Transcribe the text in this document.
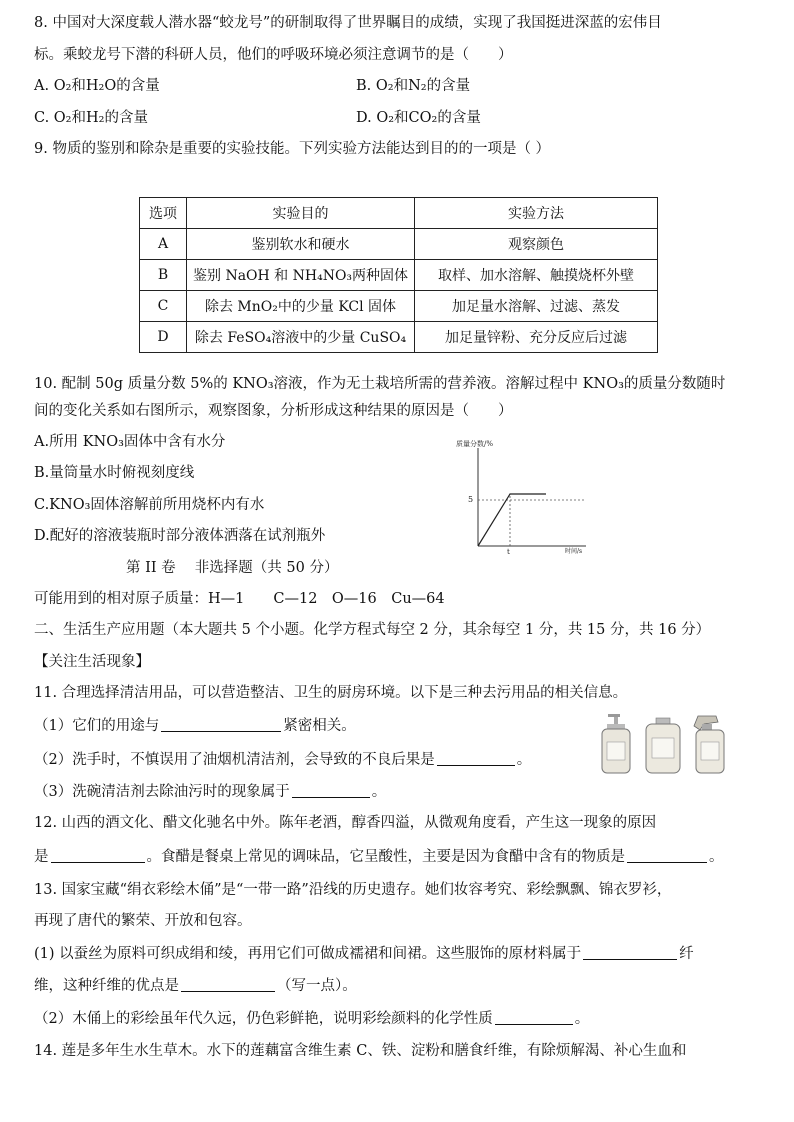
8. 中国对大深度载人潜水器“蛟龙号”的研制取得了世界瞩目的成绩，实现了我国挺进深蓝的宏伟目
标。乘蛟龙号下潜的科研人员，他们的呼吸环境必须注意调节的是（　　）
A. O₂和H₂O的含量	B. O₂和N₂的含量
C. O₂和H₂的含量	D. O₂和CO₂的含量
9. 物质的鉴别和除杂是重要的实验技能。下列实验方法能达到目的的一项是（ ）
选项	实验目的	实验方法
A	鉴别软水和硬水	观察颜色
B	鉴别 NaOH 和 NH₄NO₃两种固体	取样、加水溶解、触摸烧杯外壁
C	除去 MnO₂中的少量 KCl 固体	加足量水溶解、过滤、蒸发
D	除去 FeSO₄溶液中的少量 CuSO₄	加足量锌粉、充分反应后过滤
10. 配制 50g 质量分数 5%的 KNO₃溶液，作为无土栽培所需的营养液。溶解过程中 KNO₃的质量分数随时
间的变化关系如右图所示，观察图象，分析形成这种结果的原因是（　　）
A.所用 KNO₃固体中含有水分
B.量筒量水时俯视刻度线
C.KNO₃固体溶解前所用烧杯内有水
D.配好的溶液装瓶时部分液体洒落在试剂瓶外
质量分数/%
5
t	时间/s
第 II 卷　 非选择题（共 50 分）
可能用到的相对原子质量：H—1　　C—12　O—16　Cu—64
二、生活生产应用题（本大题共 5 个小题。化学方程式每空 2 分，其余每空 1 分，共 15 分，共 16 分）
【关注生活现象】
11. 合理选择清洁用品，可以营造整洁、卫生的厨房环境。以下是三种去污用品的相关信息。
（1）它们的用途与	紧密相关。
（2）洗手时，不慎误用了油烟机清洁剂，会导致的不良后果是	。
（3）洗碗清洁剂去除油污时的现象属于	。
12. 山西的酒文化、醋文化驰名中外。陈年老酒，醇香四溢，从微观角度看，产生这一现象的原因
是	。食醋是餐桌上常见的调味品，它呈酸性，主要是因为食醋中含有的物质是	。
13. 国家宝藏“绢衣彩绘木俑”是“一带一路”沿线的历史遗存。她们妆容考究、彩绘飘飘、锦衣罗衫，
再现了唐代的繁荣、开放和包容。
(1) 以蚕丝为原料可织成绢和绫，再用它们可做成襦裙和间裙。这些服饰的原材料属于	纤
维，这种纤维的优点是	（写一点）。
（2）木俑上的彩绘虽年代久远，仍色彩鲜艳，说明彩绘颜料的化学性质	。
14. 莲是多年生水生草木。水下的莲藕富含维生素 C、铁、淀粉和膳食纤维，有除烦解渴、补心生血和
